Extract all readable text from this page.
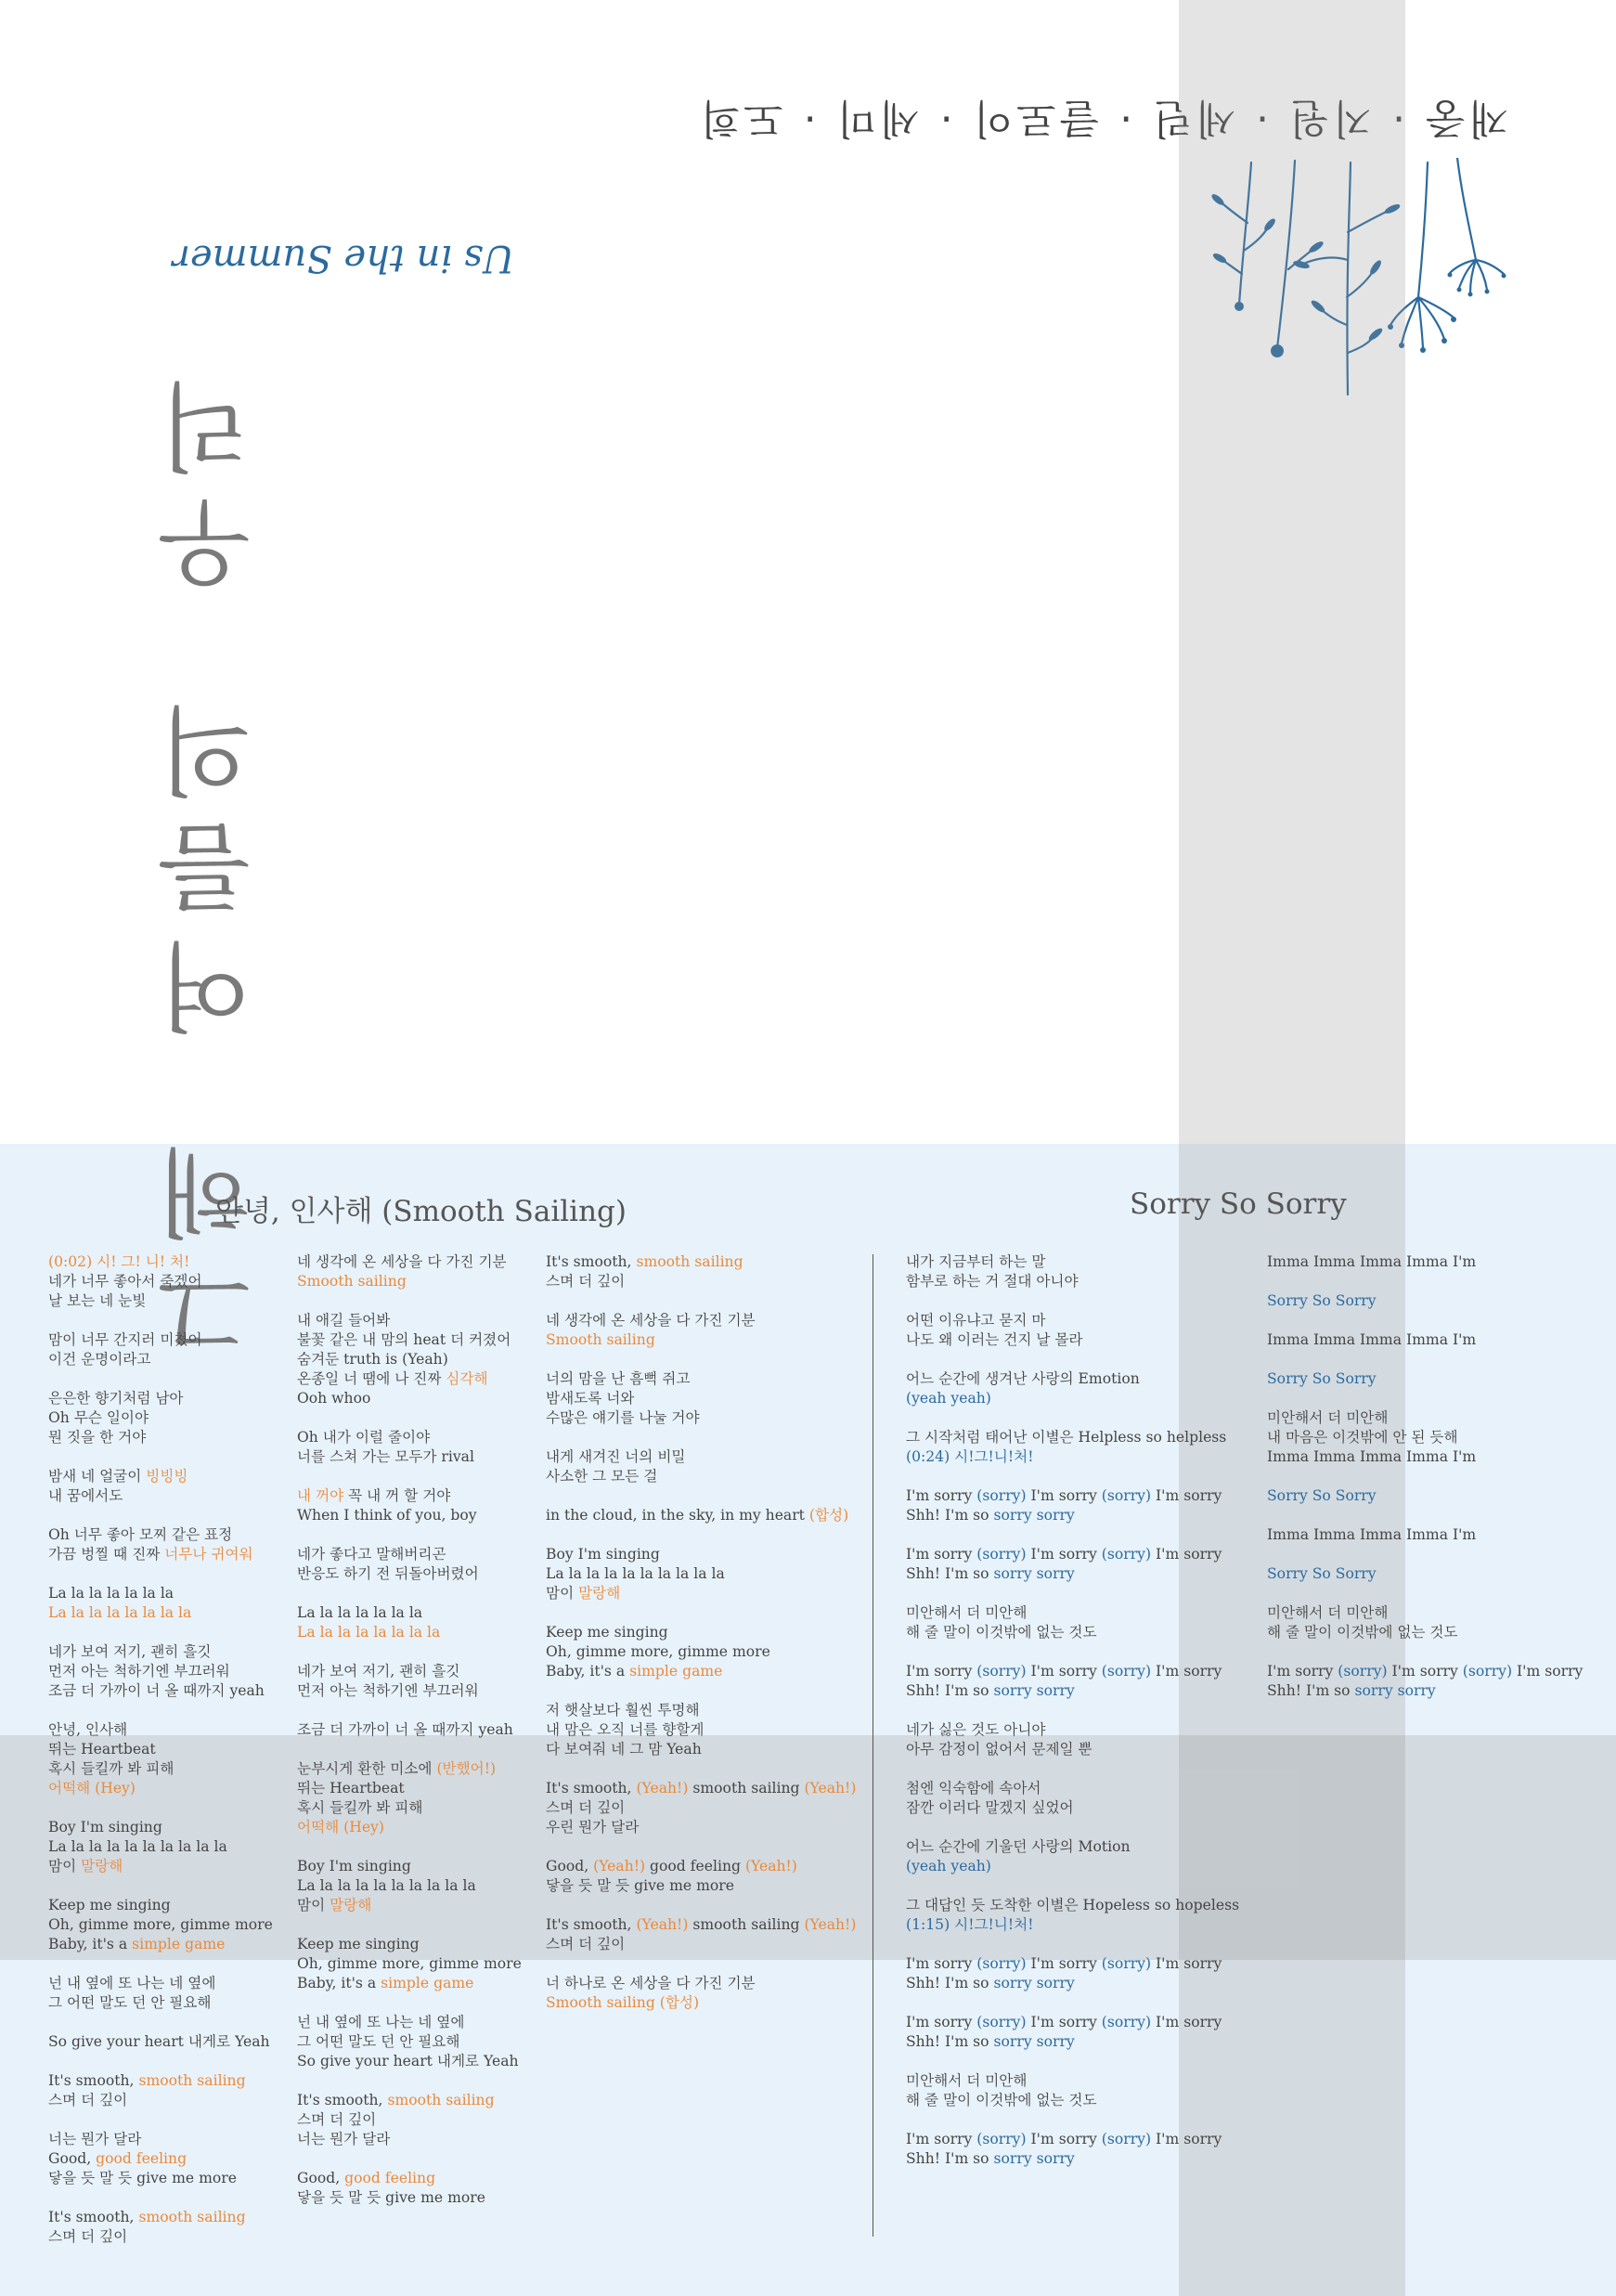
재중 · 지원 · 세린 · 클로이 · 세미 · 도희
Us in the Summer
그
해
여
름
의
우
리
안녕, 인사해 (Smooth Sailing)	Sorry So Sorry
(0:02) 시! 그! 니! 처!
네가 너무 좋아서 죽겠어
날 보는 네 눈빛
맘이 너무 간지러 미쳤어
이건 운명이라고
은은한 향기처럼 남아
Oh 무슨 일이야
뭔 짓을 한 거야
밤새 네 얼굴이 빙빙빙
내 꿈에서도
Oh 너무 좋아 모찌 같은 표정
가끔 벙찔 때 진짜 너무나 귀여워
La la la la la la la
La la la la la la la la
네가 보여 저기, 괜히 흘깃
먼저 아는 척하기엔 부끄러워
조금 더 가까이 너 올 때까지 yeah
안녕, 인사해
뛰는 Heartbeat
혹시 들킬까 봐 피해
어떡해 (Hey)
Boy I'm singing
La la la la la la la la la la
맘이 말랑해
Keep me singing
Oh, gimme more, gimme more
Baby, it's a simple game
넌 내 옆에 또 나는 네 옆에
그 어떤 말도 던 안 필요해
So give your heart 내게로 Yeah
It's smooth, smooth sailing
스며 더 깊이
너는 뭔가 달라
Good, good feeling
닿을 듯 말 듯 give me more
It's smooth, smooth sailing
스며 더 깊이
네 생각에 온 세상을 다 가진 기분
Smooth sailing
내 애길 들어봐
불꽃 같은 내 맘의 heat 더 커졌어
숨겨둔 truth is (Yeah)
온종일 너 땜에 나 진짜 심각해
Ooh whoo
Oh 내가 이럴 줄이야
너를 스쳐 가는 모두가 rival
내 꺼야 꼭 내 꺼 할 거야
When I think of you, boy
네가 좋다고 말해버리곤
반응도 하기 전 뒤돌아버렸어
La la la la la la la
La la la la la la la la
네가 보여 저기, 괜히 흘깃
먼저 아는 척하기엔 부끄러워
조금 더 가까이 너 올 때까지 yeah
눈부시게 환한 미소에 (반했어!)
뛰는 Heartbeat
혹시 들킬까 봐 피해
어떡해 (Hey)
Boy I'm singing
La la la la la la la la la la
맘이 말랑해
Keep me singing
Oh, gimme more, gimme more
Baby, it's a simple game
넌 내 옆에 또 나는 네 옆에
그 어떤 말도 던 안 필요해
So give your heart 내게로 Yeah
It's smooth, smooth sailing
스며 더 깊이
너는 뭔가 달라
Good, good feeling
닿을 듯 말 듯 give me more
It's smooth, smooth sailing
스며 더 깊이
네 생각에 온 세상을 다 가진 기분
Smooth sailing
너의 맘을 난 흠뻑 쥐고
밤새도록 너와
수많은 얘기를 나눌 거야
내게 새겨진 너의 비밀
사소한 그 모든 걸
in the cloud, in the sky, in my heart (합성)
Boy I'm singing
La la la la la la la la la la
맘이 말랑해
Keep me singing
Oh, gimme more, gimme more
Baby, it's a simple game
저 햇살보다 훨씬 투명해
내 맘은 오직 너를 향할게
다 보여줘 네 그 맘 Yeah
It's smooth, (Yeah!) smooth sailing (Yeah!)
스며 더 깊이
우린 뭔가 달라
Good, (Yeah!) good feeling (Yeah!)
닿을 듯 말 듯 give me more
It's smooth, (Yeah!) smooth sailing (Yeah!)
스며 더 깊이
너 하나로 온 세상을 다 가진 기분
Smooth sailing (합성)
내가 지금부터 하는 말
함부로 하는 거 절대 아니야
어떤 이유냐고 묻지 마
나도 왜 이러는 건지 날 몰라
어느 순간에 생겨난 사랑의 Emotion
(yeah yeah)
그 시작처럼 태어난 이별은 Helpless so helpless
(0:24) 시!그!니!처!
I'm sorry (sorry) I'm sorry (sorry) I'm sorry
Shh! I'm so sorry sorry
I'm sorry (sorry) I'm sorry (sorry) I'm sorry
Shh! I'm so sorry sorry
미안해서 더 미안해
해 줄 말이 이것밖에 없는 것도
I'm sorry (sorry) I'm sorry (sorry) I'm sorry
Shh! I'm so sorry sorry
네가 싫은 것도 아니야
아무 감정이 없어서 문제일 뿐
첨엔 익숙함에 속아서
잠깐 이러다 말겠지 싶었어
어느 순간에 기울던 사랑의 Motion
(yeah yeah)
그 대답인 듯 도착한 이별은 Hopeless so hopeless
(1:15) 시!그!니!처!
I'm sorry (sorry) I'm sorry (sorry) I'm sorry
Shh! I'm so sorry sorry
I'm sorry (sorry) I'm sorry (sorry) I'm sorry
Shh! I'm so sorry sorry
미안해서 더 미안해
해 줄 말이 이것밖에 없는 것도
I'm sorry (sorry) I'm sorry (sorry) I'm sorry
Shh! I'm so sorry sorry
Imma Imma Imma Imma I'm
Sorry So Sorry
Imma Imma Imma Imma I'm
Sorry So Sorry
미안해서 더 미안해
내 마음은 이것밖에 안 된 듯해
Imma Imma Imma Imma I'm
Sorry So Sorry
Imma Imma Imma Imma I'm
Sorry So Sorry
미안해서 더 미안해
해 줄 말이 이것밖에 없는 것도
I'm sorry (sorry) I'm sorry (sorry) I'm sorry
Shh! I'm so sorry sorry
